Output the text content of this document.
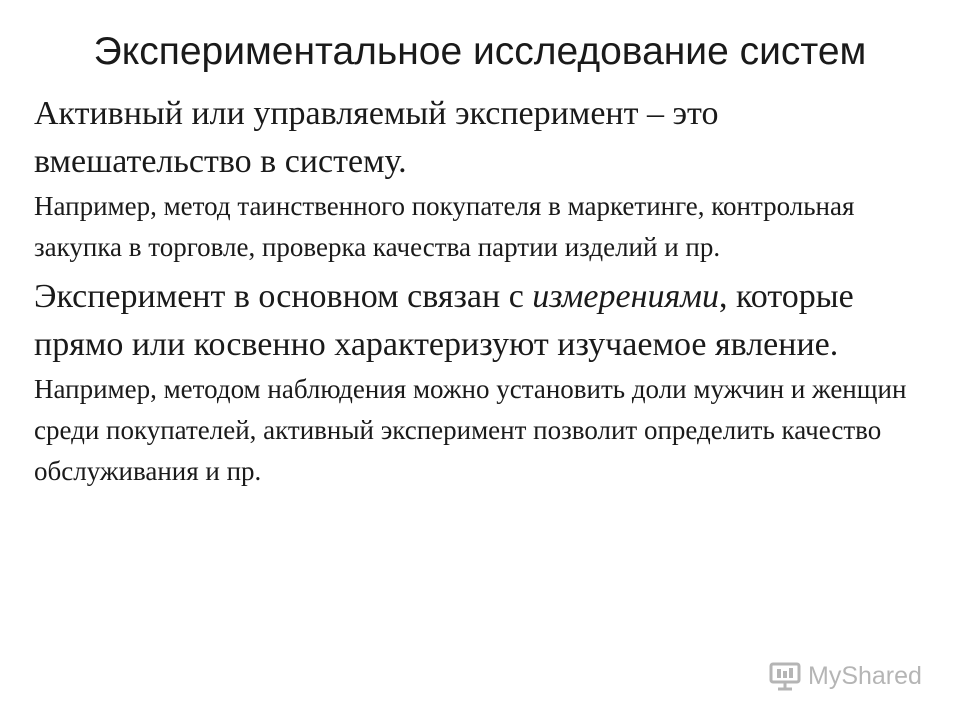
Экспериментальное исследование систем

Активный или управляемый эксперимент – это вмешательство в систему.

Например, метод таинственного покупателя в маркетинге, контрольная закупка в торговле, проверка качества партии изделий и пр.

Эксперимент в основном связан с измерениями, которые прямо или косвенно характеризуют изучаемое явление.

Например, методом наблюдения можно установить доли мужчин и женщин среди покупателей, активный эксперимент позволит определить качество обслуживания и пр.

MyShared
